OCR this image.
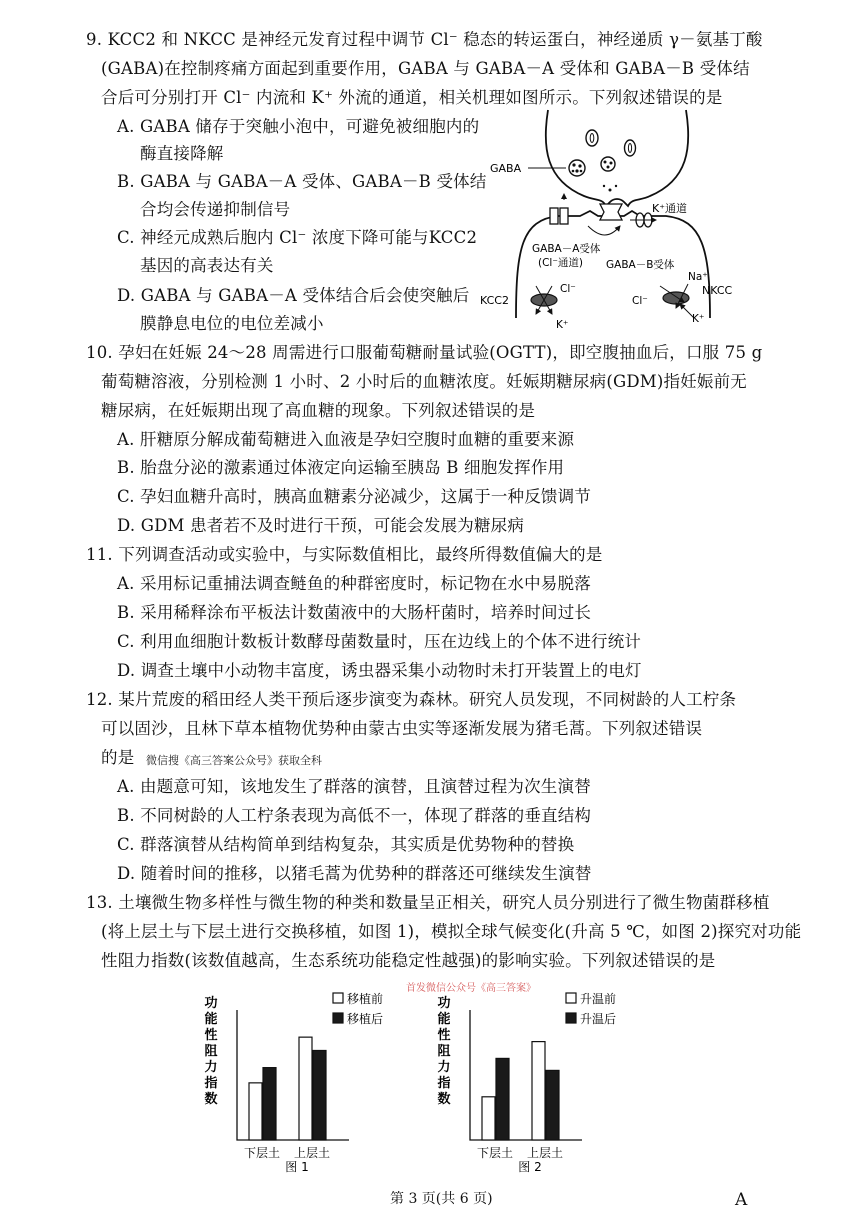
9. KCC2 和 NKCC 是神经元发育过程中调节 Cl⁻ 稳态的转运蛋白，神经递质 γ－氨基丁酸
(GABA)在控制疼痛方面起到重要作用，GABA 与 GABA－A 受体和 GABA－B 受体结
合后可分别打开 Cl⁻ 内流和 K⁺ 外流的通道，相关机理如图所示。下列叙述错误的是
A. GABA 储存于突触小泡中，可避免被细胞内的
酶直接降解
B. GABA 与 GABA－A 受体、GABA－B 受体结
合均会传递抑制信号
C. 神经元成熟后胞内 Cl⁻ 浓度下降可能与KCC2
基因的高表达有关
D. GABA 与 GABA－A 受体结合后会使突触后
膜静息电位的电位差减小
GABA
K⁺通道
GABA－A受体
(Cl⁻通道) GABA－B受体
KCC2
Cl⁻
K⁺
Na⁺
Cl⁻
K⁺
NKCC
10. 孕妇在妊娠 24～28 周需进行口服葡萄糖耐量试验(OGTT)，即空腹抽血后，口服 75 g
葡萄糖溶液，分别检测 1 小时、2 小时后的血糖浓度。妊娠期糖尿病(GDM)指妊娠前无
糖尿病，在妊娠期出现了高血糖的现象。下列叙述错误的是
A. 肝糖原分解成葡萄糖进入血液是孕妇空腹时血糖的重要来源
B. 胎盘分泌的激素通过体液定向运输至胰岛 B 细胞发挥作用
C. 孕妇血糖升高时，胰高血糖素分泌减少，这属于一种反馈调节
D. GDM 患者若不及时进行干预，可能会发展为糖尿病
11. 下列调查活动或实验中，与实际数值相比，最终所得数值偏大的是
A. 采用标记重捕法调查鲢鱼的种群密度时，标记物在水中易脱落
B. 采用稀释涂布平板法计数菌液中的大肠杆菌时，培养时间过长
C. 利用血细胞计数板计数酵母菌数量时，压在边线上的个体不进行统计
D. 调查土壤中小动物丰富度，诱虫器采集小动物时未打开装置上的电灯
12. 某片荒废的稻田经人类干预后逐步演变为森林。研究人员发现，不同树龄的人工柠条
可以固沙，且林下草本植物优势种由蒙古虫实等逐渐发展为猪毛蒿。下列叙述错误
的是 微信搜《高三答案公众号》获取全科
A. 由题意可知，该地发生了群落的演替，且演替过程为次生演替
B. 不同树龄的人工柠条表现为高低不一，体现了群落的垂直结构
C. 群落演替从结构简单到结构复杂，其实质是优势物种的替换
D. 随着时间的推移，以猪毛蒿为优势种的群落还可继续发生演替
13. 土壤微生物多样性与微生物的种类和数量呈正相关，研究人员分别进行了微生物菌群移植
(将上层土与下层土进行交换移植，如图 1)，模拟全球气候变化(升高 5 ℃，如图 2)探究对功能
性阻力指数(该数值越高，生态系统功能稳定性越强)的影响实验。下列叙述错误的是
首发微信公众号《高三答案》
功
能
性
阻
力
指
数
下层土 上层土
移植前
移植后
图 1
功
能
性
阻
力
指
数
下层土 上层土
升温前
升温后
图 2
第 3 页(共 6 页)	A
